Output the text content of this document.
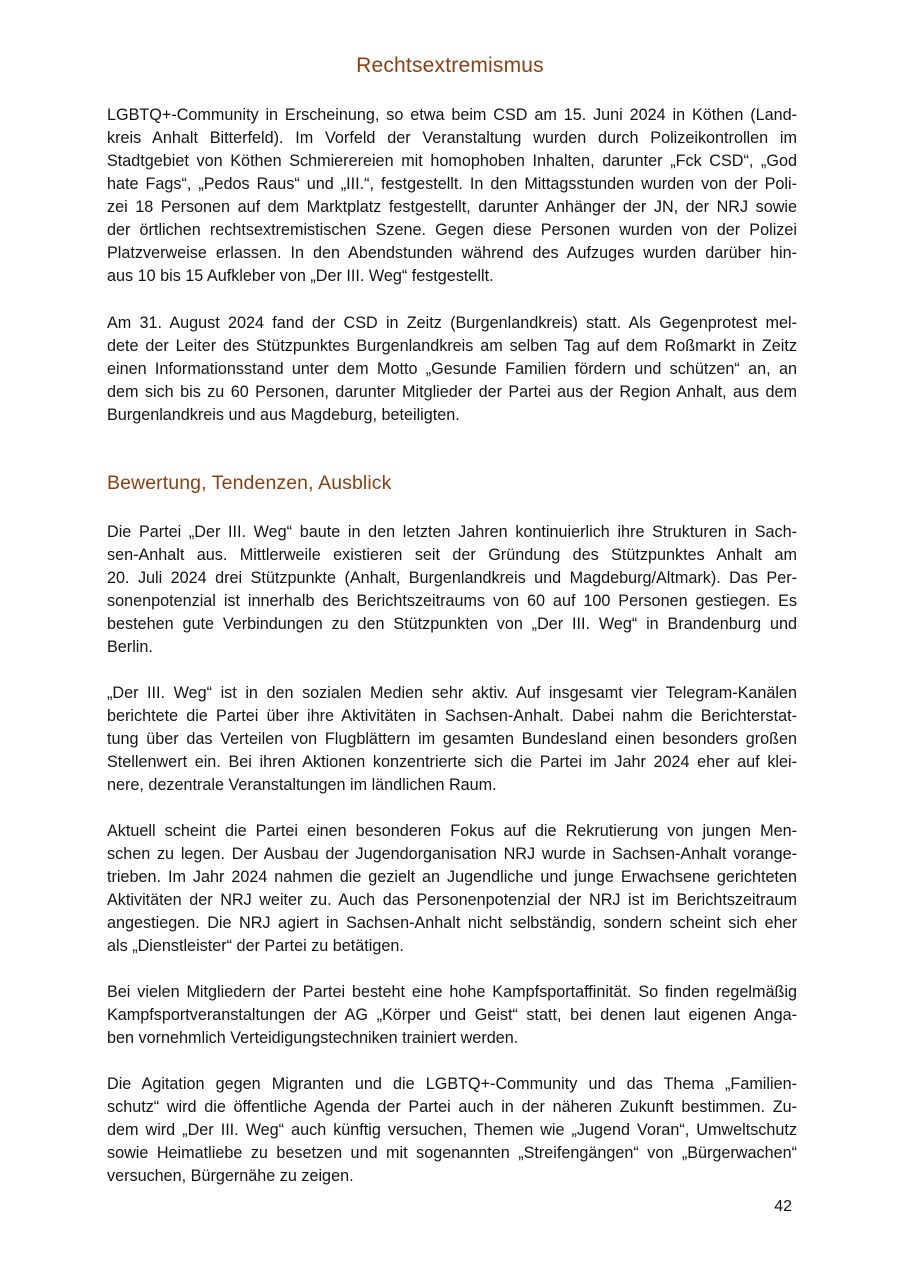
Rechtsextremismus
LGBTQ+-Community in Erscheinung, so etwa beim CSD am 15. Juni 2024 in Köthen (Land-
kreis Anhalt Bitterfeld). Im Vorfeld der Veranstaltung wurden durch Polizeikontrollen im
Stadtgebiet von Köthen Schmierereien mit homophoben Inhalten, darunter „Fck CSD“, „God
hate Fags“, „Pedos Raus“ und „III.“, festgestellt. In den Mittagsstunden wurden von der Poli-
zei 18 Personen auf dem Marktplatz festgestellt, darunter Anhänger der JN, der NRJ sowie
der örtlichen rechtsextremistischen Szene. Gegen diese Personen wurden von der Polizei
Platzverweise erlassen. In den Abendstunden während des Aufzuges wurden darüber hin-
aus 10 bis 15 Aufkleber von „Der III. Weg“ festgestellt.
Am 31. August 2024 fand der CSD in Zeitz (Burgenlandkreis) statt. Als Gegenprotest mel-
dete der Leiter des Stützpunktes Burgenlandkreis am selben Tag auf dem Roßmarkt in Zeitz
einen Informationsstand unter dem Motto „Gesunde Familien fördern und schützen“ an, an
dem sich bis zu 60 Personen, darunter Mitglieder der Partei aus der Region Anhalt, aus dem
Burgenlandkreis und aus Magdeburg, beteiligten.
Bewertung, Tendenzen, Ausblick
Die Partei „Der III. Weg“ baute in den letzten Jahren kontinuierlich ihre Strukturen in Sach-
sen-Anhalt aus. Mittlerweile existieren seit der Gründung des Stützpunktes Anhalt am
20. Juli 2024 drei Stützpunkte (Anhalt, Burgenlandkreis und Magdeburg/Altmark). Das Per-
sonenpotenzial ist innerhalb des Berichtszeitraums von 60 auf 100 Personen gestiegen. Es
bestehen gute Verbindungen zu den Stützpunkten von „Der III. Weg“ in Brandenburg und
Berlin.
„Der III. Weg“ ist in den sozialen Medien sehr aktiv. Auf insgesamt vier Telegram-Kanälen
berichtete die Partei über ihre Aktivitäten in Sachsen-Anhalt. Dabei nahm die Berichterstat-
tung über das Verteilen von Flugblättern im gesamten Bundesland einen besonders großen
Stellenwert ein. Bei ihren Aktionen konzentrierte sich die Partei im Jahr 2024 eher auf klei-
nere, dezentrale Veranstaltungen im ländlichen Raum.
Aktuell scheint die Partei einen besonderen Fokus auf die Rekrutierung von jungen Men-
schen zu legen. Der Ausbau der Jugendorganisation NRJ wurde in Sachsen-Anhalt vorange-
trieben. Im Jahr 2024 nahmen die gezielt an Jugendliche und junge Erwachsene gerichteten
Aktivitäten der NRJ weiter zu. Auch das Personenpotenzial der NRJ ist im Berichtszeitraum
angestiegen. Die NRJ agiert in Sachsen-Anhalt nicht selbständig, sondern scheint sich eher
als „Dienstleister“ der Partei zu betätigen.
Bei vielen Mitgliedern der Partei besteht eine hohe Kampfsportaffinität. So finden regelmäßig
Kampfsportveranstaltungen der AG „Körper und Geist“ statt, bei denen laut eigenen Anga-
ben vornehmlich Verteidigungstechniken trainiert werden.
Die Agitation gegen Migranten und die LGBTQ+-Community und das Thema „Familien-
schutz“ wird die öffentliche Agenda der Partei auch in der näheren Zukunft bestimmen. Zu-
dem wird „Der III. Weg“ auch künftig versuchen, Themen wie „Jugend Voran“, Umweltschutz
sowie Heimatliebe zu besetzen und mit sogenannten „Streifengängen“ von „Bürgerwachen“
versuchen, Bürgernähe zu zeigen.
42
